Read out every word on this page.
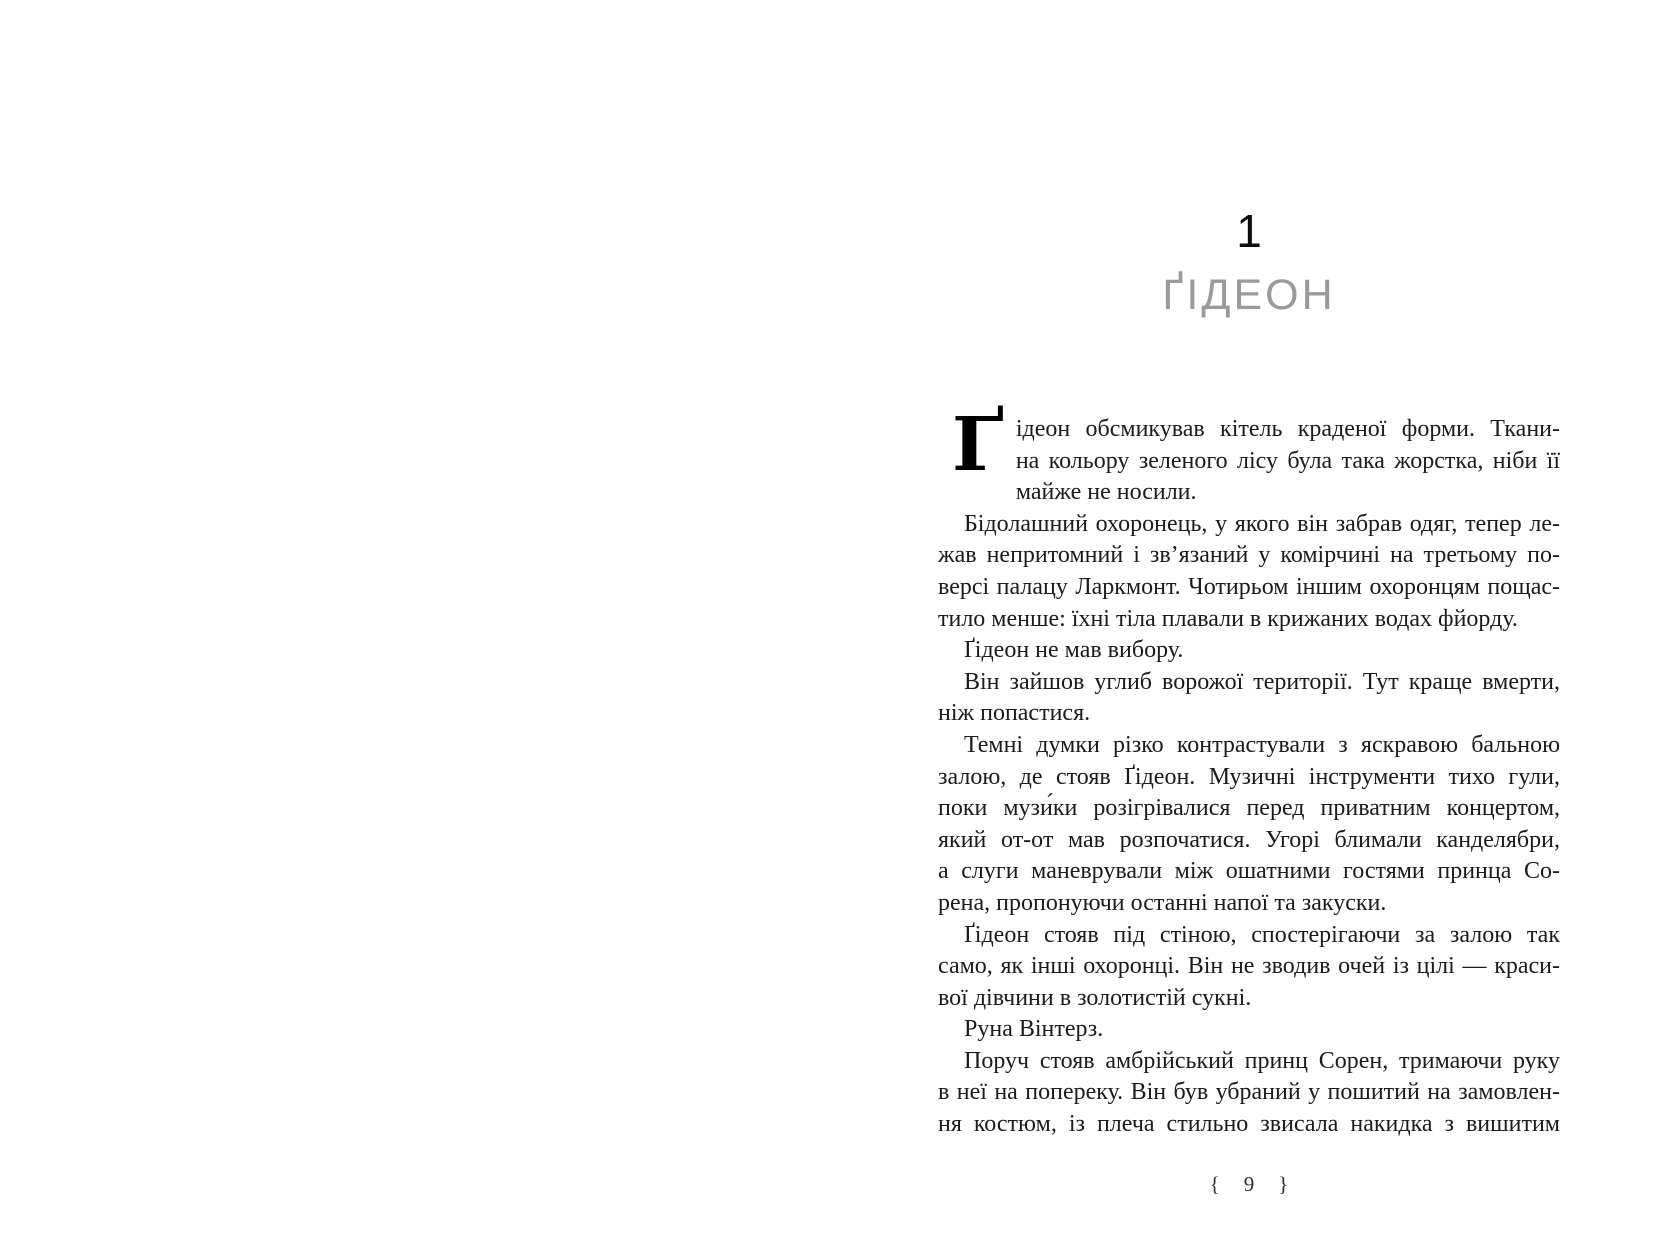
1
ҐІДЕОН

Ґ ідеон обсмикував кітель краденої форми. Ткани-
на кольору зеленого лісу була така жорстка, ніби її
майже не носили.

Бідолашний охоронець, у якого він забрав одяг, тепер ле-
жав непритомний і зв’язаний у комірчині на третьому по-
версі палацу Ларкмонт. Чотирьом іншим охоронцям пощас-
тило менше: їхні тіла плавали в крижаних водах фйорду.

Ґідеон не мав вибору.

Він зайшов углиб ворожої території. Тут краще вмерти,
ніж попастися.

Темні думки різко контрастували з яскравою бальною
залою, де стояв Ґідеон. Музичні інструменти тихо гули,
поки музи́ки розігрівалися перед приватним концертом,
який от-от мав розпочатися. Угорі блимали канделябри,
а слуги маневрували між ошатними гостями принца Со-
рена, пропонуючи останні напої та закуски.

Ґідеон стояв під стіною, спостерігаючи за залою так
само, як інші охоронці. Він не зводив очей із цілі — краси-
вої дівчини в золотистій сукні.

Руна Вінтерз.

Поруч стояв амбрійський принц Сорен, тримаючи руку
в неї на попереку. Він був убраний у пошитий на замовлен-
ня костюм, із плеча стильно звисала накидка з вишитим

{ 9 }
